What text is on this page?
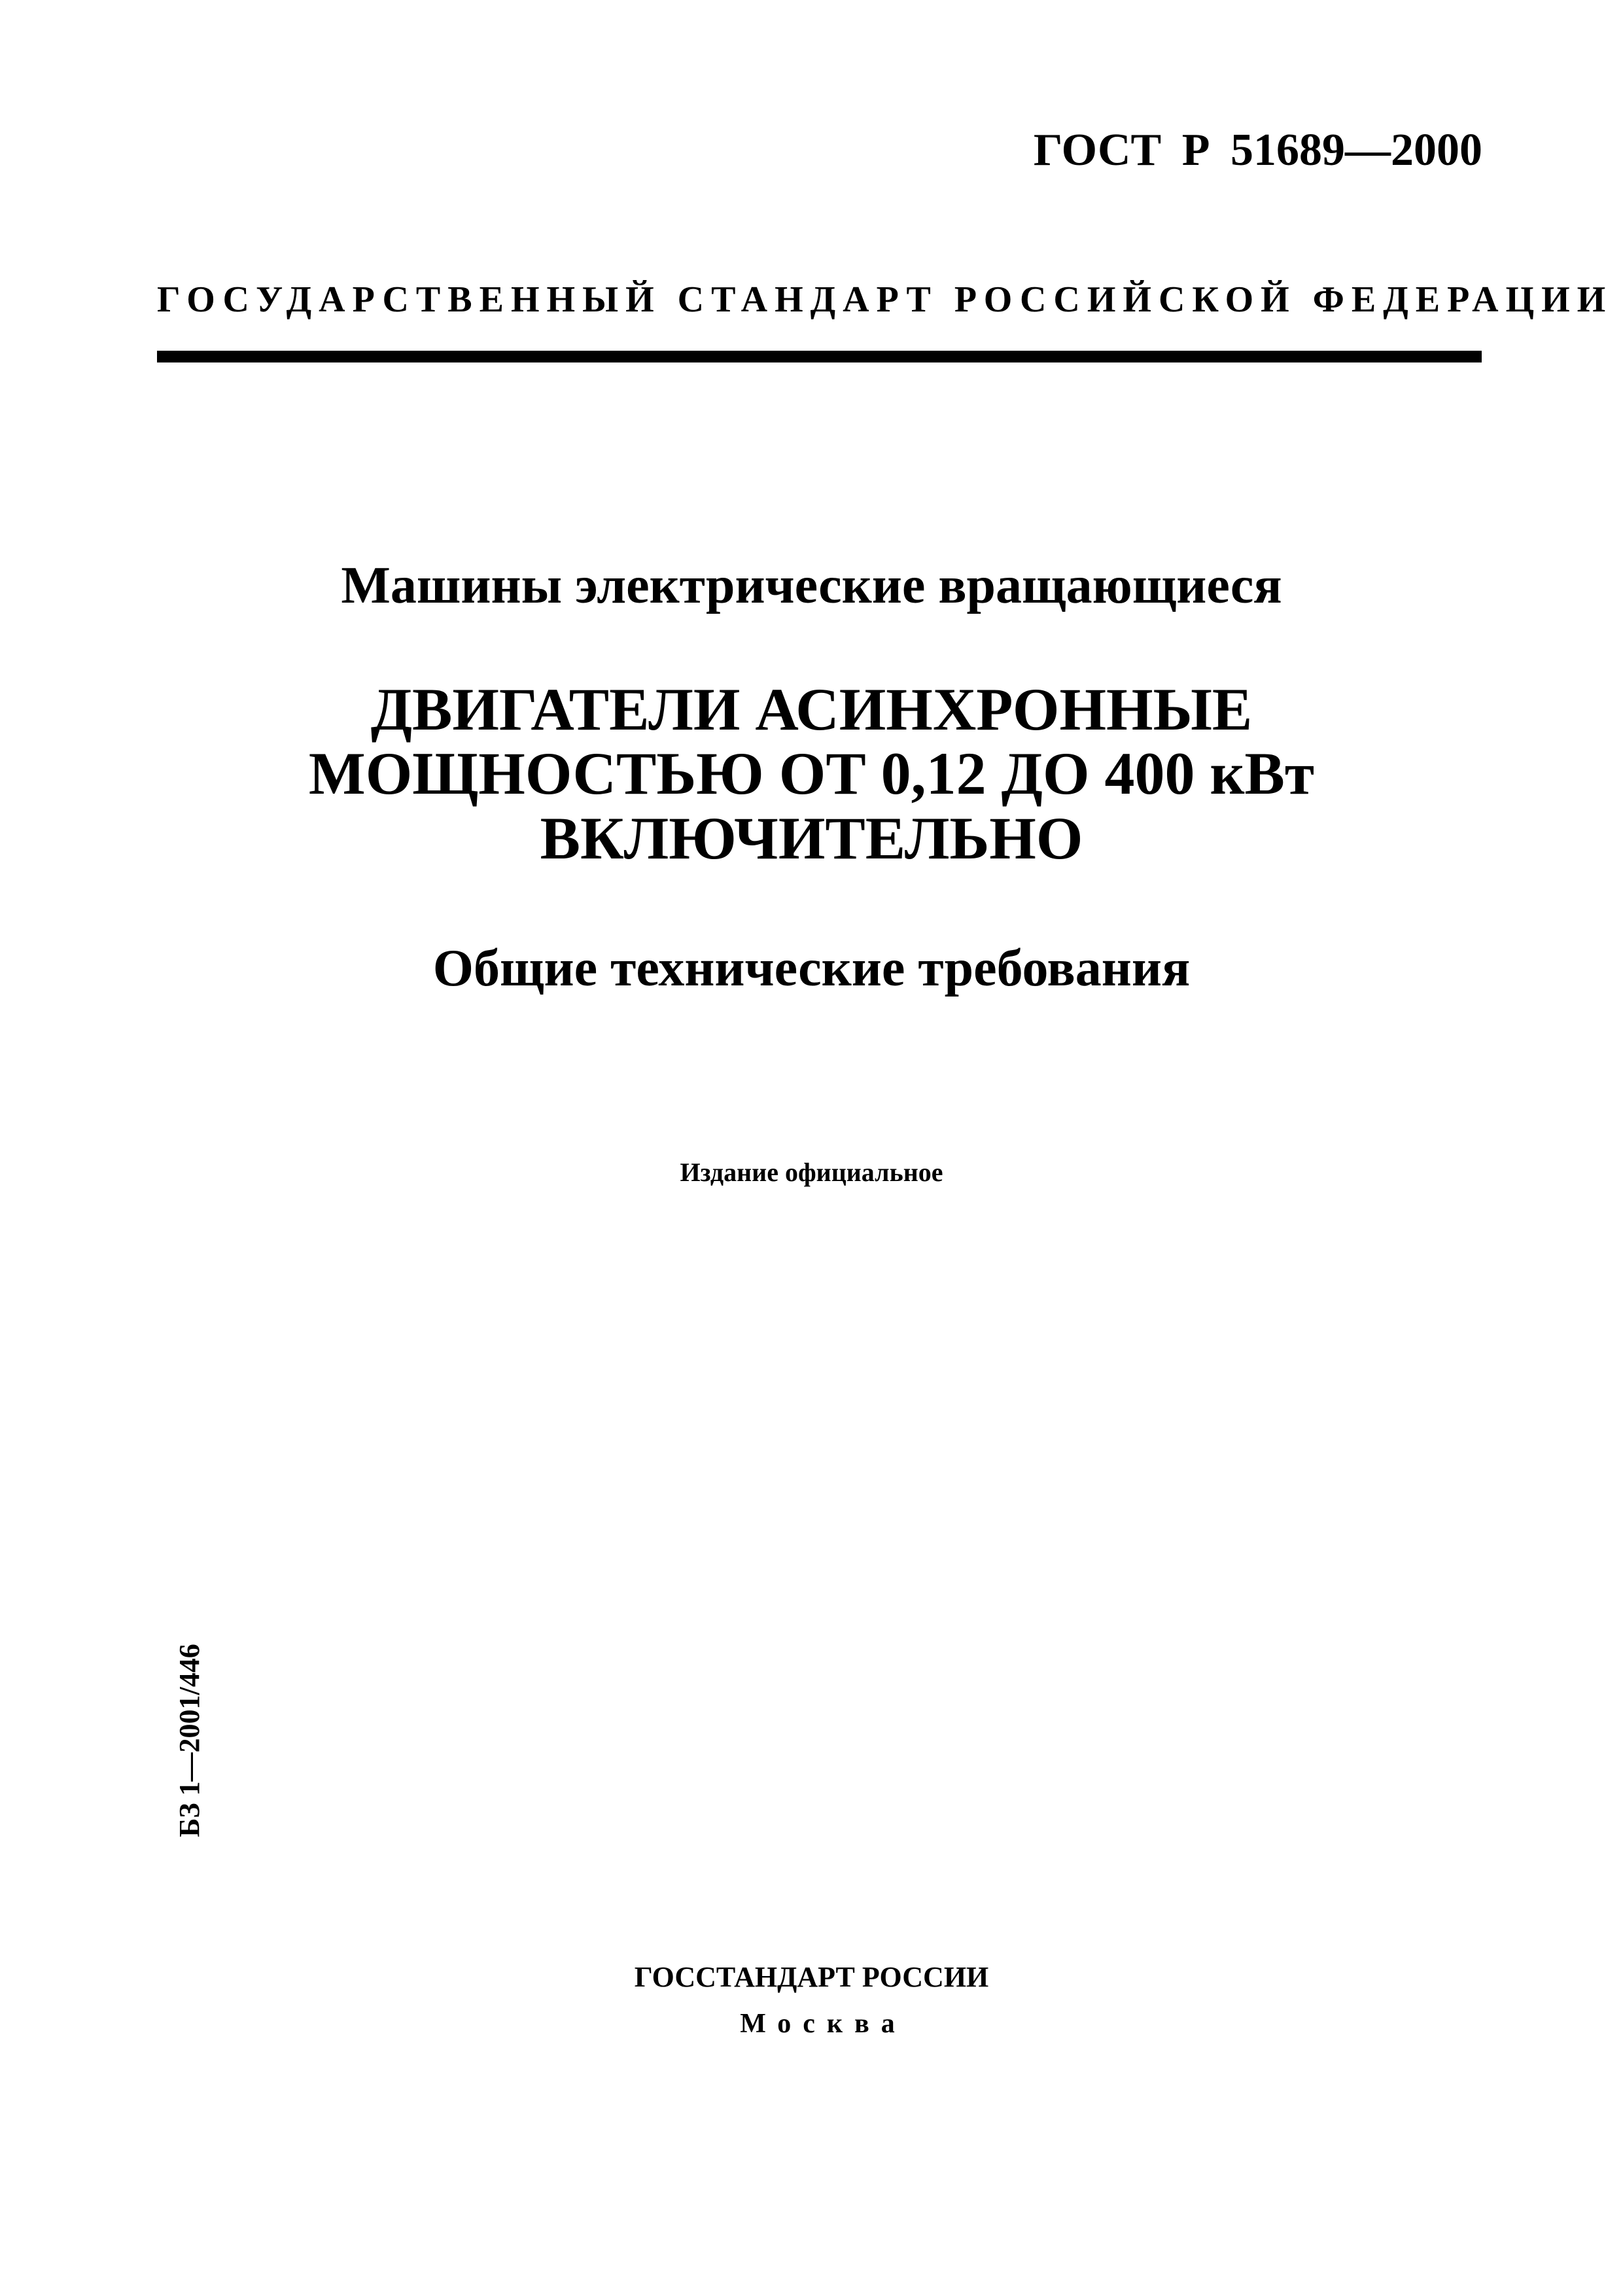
ГОСТ Р 51689—2000
ГОСУДАРСТВЕННЫЙ СТАНДАРТ РОССИЙСКОЙ ФЕДЕРАЦИИ
Машины электрические вращающиеся
ДВИГАТЕЛИ АСИНХРОННЫЕ
МОЩНОСТЬЮ ОТ 0,12 ДО 400 кВт
ВКЛЮЧИТЕЛЬНО
Общие технические требования
Издание официальное
БЗ 1—2001/446
ГОССТАНДАРТ РОССИИ
Москва
